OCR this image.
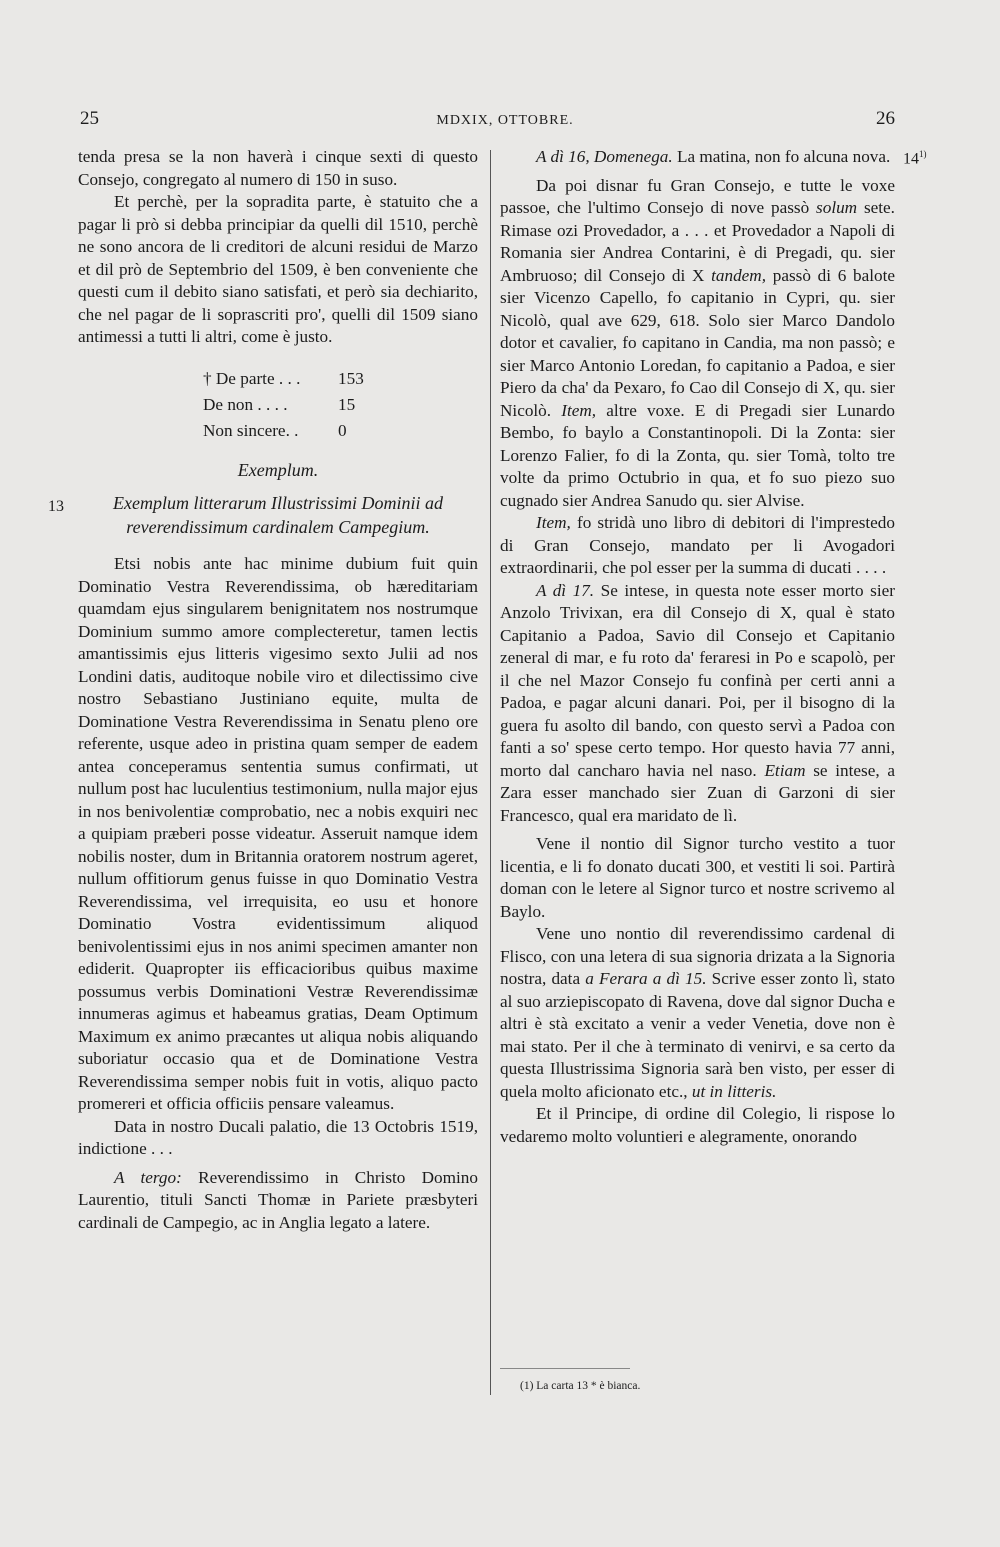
25	MDXIX, OTTOBRE.	26
13
14$^{1)}$

tenda presa se la non haverà i cinque sexti di questo Consejo, congregato al numero di 150 in suso.

Et perchè, per la sopradita parte, è statuito che a pagar li prò si debba principiar da quelli dil 1510, perchè ne sono ancora de li creditori de alcuni residui de Marzo et dil prò de Septembrio del 1509, è ben conveniente che questi cum il debito siano satisfati, et però sia dechiarito, che nel pagar de li soprascriti pro', quelli dil 1509 siano antimessi a tutti li altri, come è justo.

† De parte . . .	153
De non . . . .	15
Non sincere. .	0
Exemplum.
Exemplum litterarum Illustrissimi Dominii ad reverendissimum cardinalem Campegium.

Etsi nobis ante hac minime dubium fuit quin Dominatio Vestra Reverendissima, ob hæreditariam quamdam ejus singularem benignitatem nos nostrumque Dominium summo amore complecteretur, tamen lectis amantissimis ejus litteris vigesimo sexto Julii ad nos Londini datis, auditoque nobile viro et dilectissimo cive nostro Sebastiano Justiniano equite, multa de Dominatione Vestra Reverendissima in Senatu pleno ore referente, usque adeo in pristina quam semper de eadem antea conceperamus sententia sumus confirmati, ut nullum post hac luculentius testimonium, nulla major ejus in nos benivolentiæ comprobatio, nec a nobis exquiri nec a quipiam præberi posse videatur. Asseruit namque idem nobilis noster, dum in Britannia oratorem nostrum ageret, nullum offitiorum genus fuisse in quo Dominatio Vestra Reverendissima, vel irrequisita, eo usu et honore Dominatio Vostra evidentissimum aliquod benivolentissimi ejus in nos animi specimen amanter non ediderit. Quapropter iis efficacioribus quibus maxime possumus verbis Dominationi Vestræ Reverendissimæ innumeras agimus et habeamus gratias, Deam Optimum Maximum ex animo præcantes ut aliqua nobis aliquando suboriatur occasio qua et de Dominatione Vestra Reverendissima semper nobis fuit in votis, aliquo pacto promereri et officia officiis pensare valeamus.

Data in nostro Ducali palatio, die 13 Octobris 1519, indictione . . .

A tergo: Reverendissimo in Christo Domino Laurentio, tituli Sancti Thomæ in Pariete præsbyteri cardinali de Campegio, ac in Anglia legato a latere.

A dì 16, Domenega. La matina, non fo alcuna nova.

Da poi disnar fu Gran Consejo, e tutte le voxe passoe, che l'ultimo Consejo di nove passò solum sete. Rimase ozi Provedador, a . . . et Provedador a Napoli di Romania sier Andrea Contarini, è di Pregadi, qu. sier Ambruoso; dil Consejo di X tandem, passò di 6 balote sier Vicenzo Capello, fo capitanio in Cypri, qu. sier Nicolò, qual ave 629, 618. Solo sier Marco Dandolo dotor et cavalier, fo capitano in Candia, ma non passò; e sier Marco Antonio Loredan, fo capitanio a Padoa, e sier Piero da cha' da Pexaro, fo Cao dil Consejo di X, qu. sier Nicolò. Item, altre voxe. E di Pregadi sier Lunardo Bembo, fo baylo a Constantinopoli. Di la Zonta: sier Lorenzo Falier, fo di la Zonta, qu. sier Tomà, tolto tre volte da primo Octubrio in qua, et fo suo piezo suo cugnado sier Andrea Sanudo qu. sier Alvise.

Item, fo stridà uno libro di debitori di l'imprestedo di Gran Consejo, mandato per li Avogadori extraordinarii, che pol esser per la summa di ducati . . . .

A dì 17. Se intese, in questa note esser morto sier Anzolo Trivixan, era dil Consejo di X, qual è stato Capitanio a Padoa, Savio dil Consejo et Capitanio zeneral di mar, e fu roto da' feraresi in Po e scapolò, per il che nel Mazor Consejo fu confinà per certi anni a Padoa, e pagar alcuni danari. Poi, per il bisogno di la guera fu asolto dil bando, con questo servì a Padoa con fanti a so' spese certo tempo. Hor questo havia 77 anni, morto dal cancharo havia nel naso. Etiam se intese, a Zara esser manchado sier Zuan di Garzoni di sier Francesco, qual era maridato de lì.

Vene il nontio dil Signor turcho vestito a tuor licentia, e li fo donato ducati 300, et vestiti li soi. Partirà doman con le letere al Signor turco et nostre scrivemo al Baylo.

Vene uno nontio dil reverendissimo cardenal di Flisco, con una letera di sua signoria drizata a la Signoria nostra, data a Ferara a dì 15. Scrive esser zonto lì, stato al suo arziepiscopato di Ravena, dove dal signor Ducha e altri è stà excitato a venir a veder Venetia, dove non è mai stato. Per il che à terminato di venirvi, e sa certo da questa Illustrissima Signoria sarà ben visto, per esser di quela molto aficionato etc., ut in litteris.

Et il Principe, di ordine dil Colegio, li rispose lo vedaremo molto voluntieri e alegramente, onorando

(1) La carta 13 * è bianca.
